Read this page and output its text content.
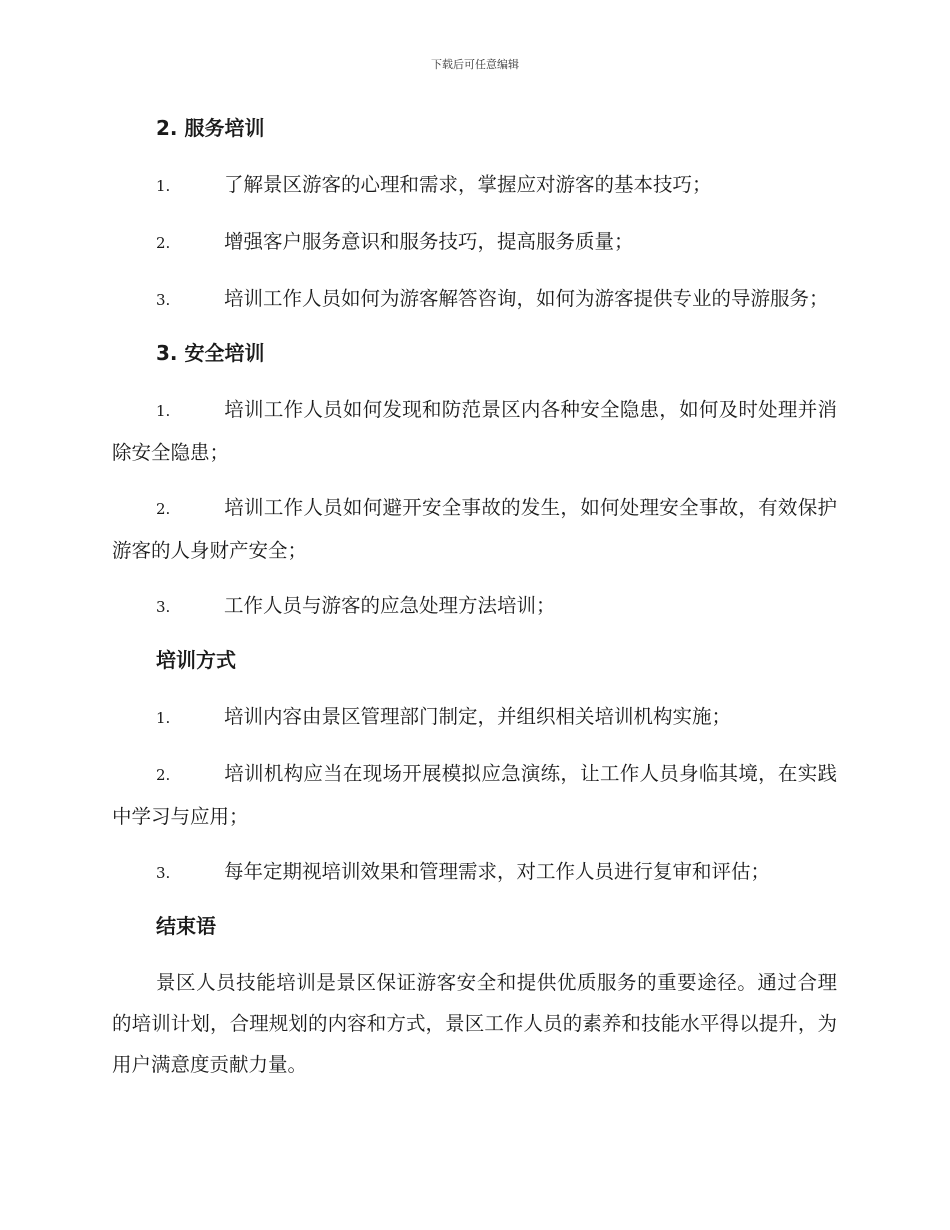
下载后可任意编辑
2. 服务培训
1.	了解景区游客的心理和需求，掌握应对游客的基本技巧；
2.	增强客户服务意识和服务技巧，提高服务质量；
3.	培训工作人员如何为游客解答咨询，如何为游客提供专业的导游服务；
3. 安全培训
1.	培训工作人员如何发现和防范景区内各种安全隐患，如何及时处理并消除安全隐患；
2.	培训工作人员如何避开安全事故的发生，如何处理安全事故，有效保护游客的人身财产安全；
3.	工作人员与游客的应急处理方法培训；
培训方式
1.	培训内容由景区管理部门制定，并组织相关培训机构实施；
2.	培训机构应当在现场开展模拟应急演练，让工作人员身临其境，在实践中学习与应用；
3.	每年定期视培训效果和管理需求，对工作人员进行复审和评估；
结束语

景区人员技能培训是景区保证游客安全和提供优质服务的重要途径。通过合理的培训计划，合理规划的内容和方式，景区工作人员的素养和技能水平得以提升，为用户满意度贡献力量。
